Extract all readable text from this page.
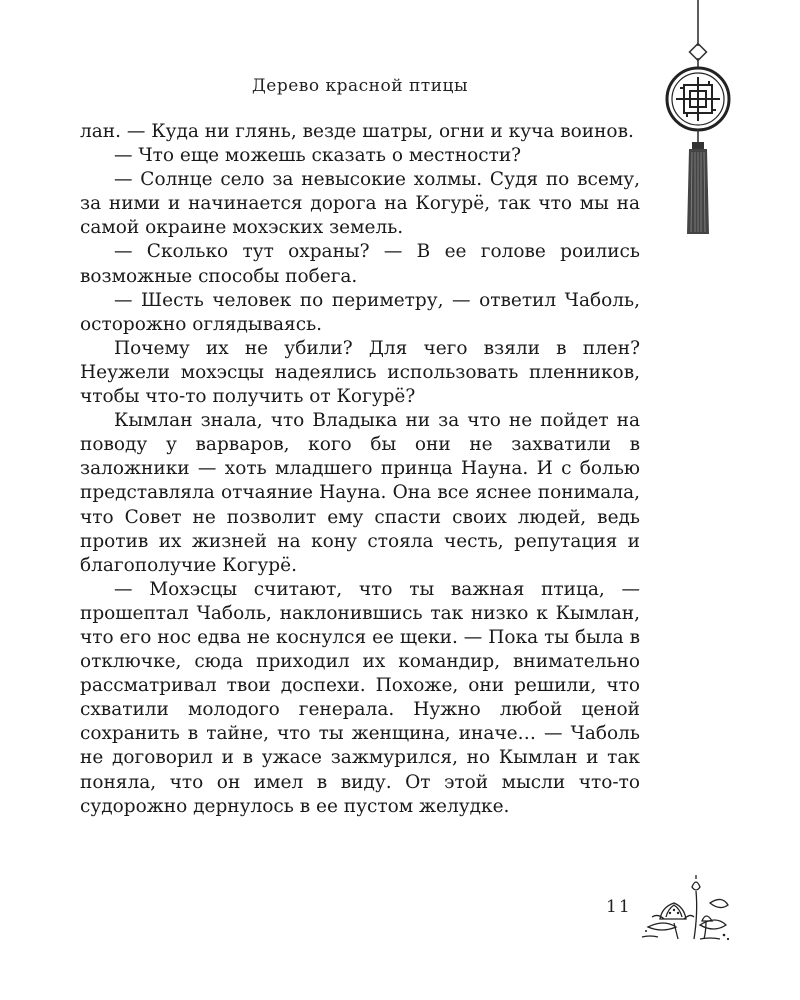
Дерево красной птицы

лан. — Куда ни глянь, везде шатры, огни и куча воинов.

— Что еще можешь сказать о местности?

— Солнце село за невысокие холмы. Судя по всему, за ними и начинается дорога на Когурё, так что мы на самой окраине мохэских земель.

— Сколько тут охраны? — В ее голове роились возможные способы побега.

— Шесть человек по периметру, — ответил Чаболь, осторожно оглядываясь.

Почему их не убили? Для чего взяли в плен? Неужели мохэсцы надеялись использовать пленников, чтобы что-то получить от Когурё?

Кымлан знала, что Владыка ни за что не пойдет на поводу у варваров, кого бы они не захватили в заложники — хоть младшего принца Науна. И с болью представляла отчаяние Науна. Она все яснее понимала, что Совет не позволит ему спасти своих людей, ведь против их жизней на кону стояла честь, репутация и благополучие Когурё.

— Мохэсцы считают, что ты важная птица, — прошептал Чаболь, наклонившись так низко к Кымлан, что его нос едва не коснулся ее щеки. — Пока ты была в отключке, сюда приходил их командир, внимательно рассматривал твои доспехи. Похоже, они решили, что схватили молодого генерала. Нужно любой ценой сохранить в тайне, что ты женщина, иначе… — Чаболь не договорил и в ужасе зажмурился, но Кымлан и так поняла, что он имел в виду. От этой мысли что-то судорожно дернулось в ее пустом желудке.

11
